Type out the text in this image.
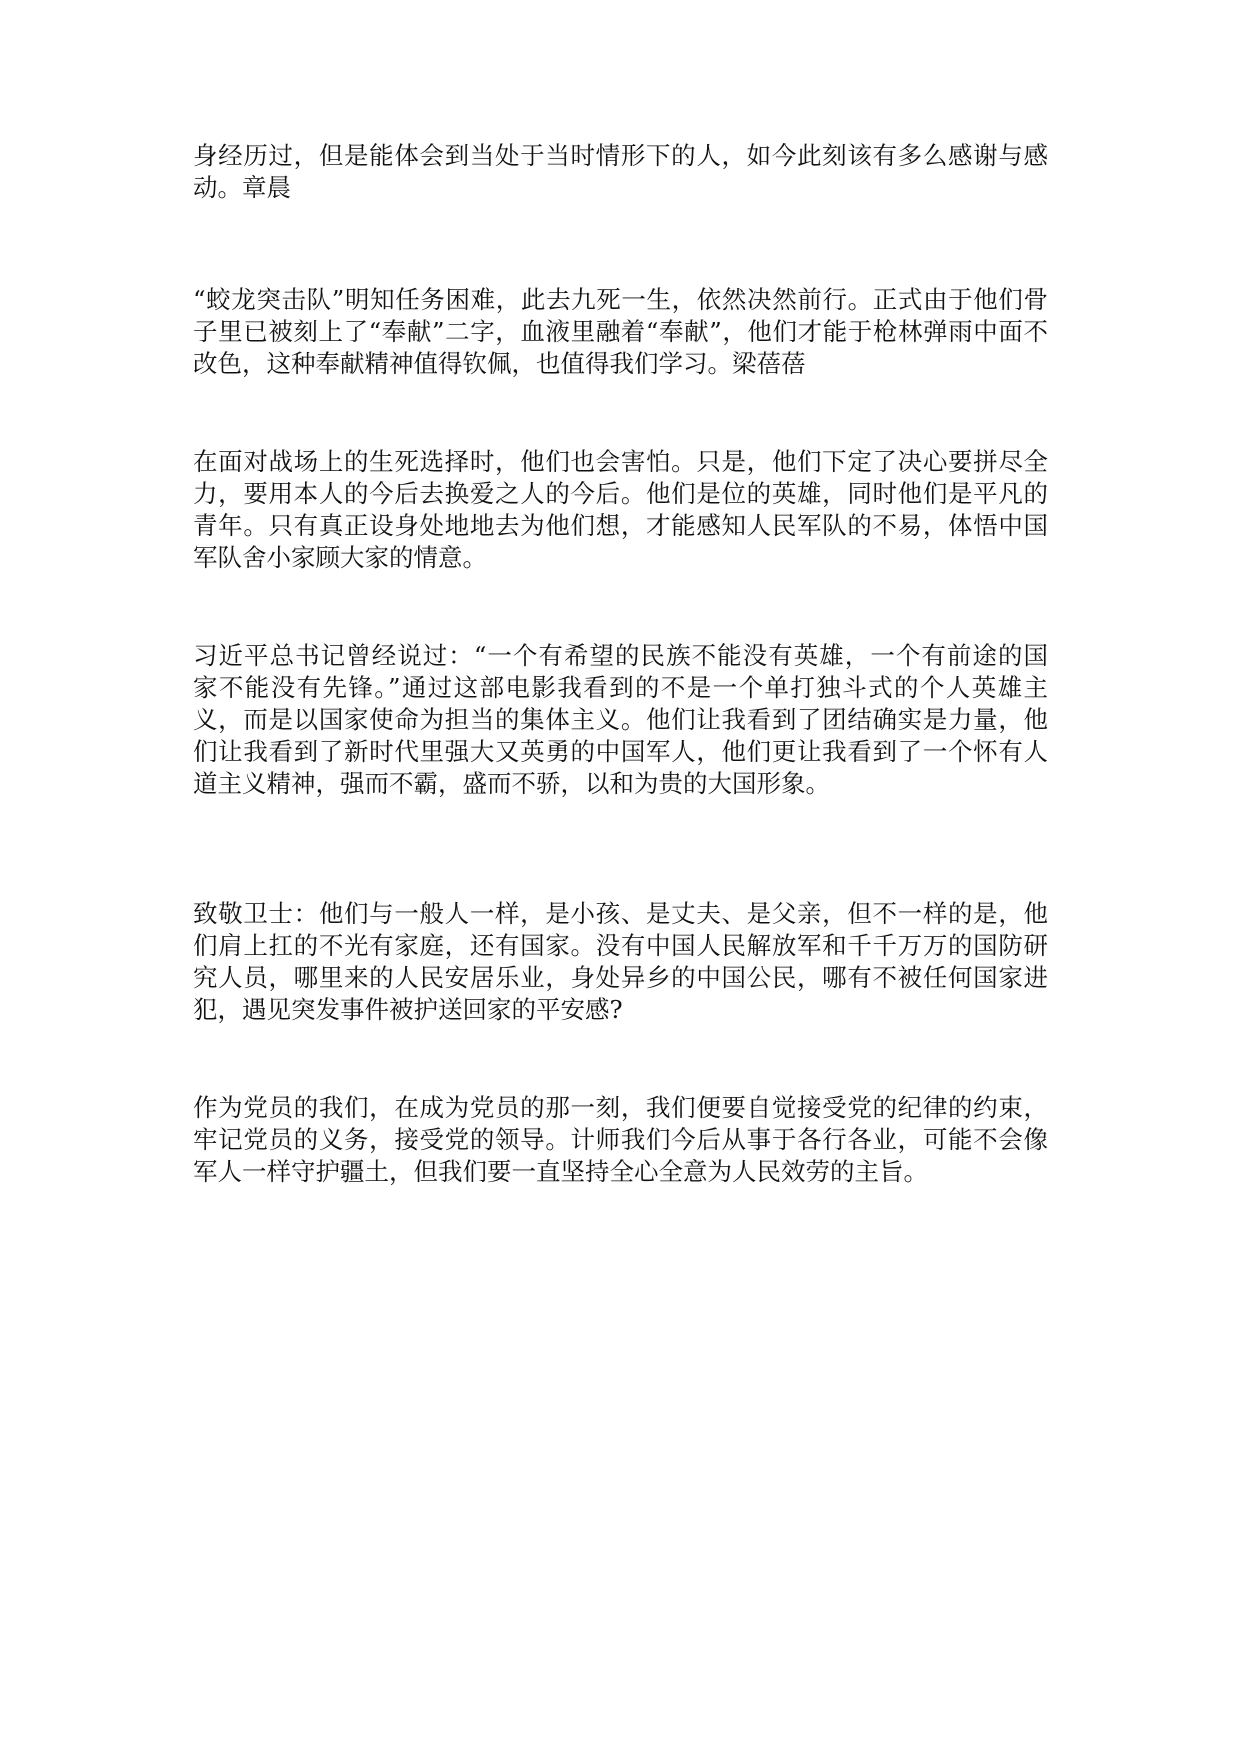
身经历过，但是能体会到当处于当时情形下的人，如今此刻该有多么感谢与感
动。章晨
“蛟龙突击队”明知任务困难，此去九死一生，依然决然前行。正式由于他们骨
子里已被刻上了“奉献”二字，血液里融着“奉献”，他们才能于枪林弹雨中面不
改色，这种奉献精神值得钦佩，也值得我们学习。梁蓓蓓
在面对战场上的生死选择时，他们也会害怕。只是，他们下定了决心要拼尽全
力，要用本人的今后去换爱之人的今后。他们是位的英雄，同时他们是平凡的
青年。只有真正设身处地地去为他们想，才能感知人民军队的不易，体悟中国
军队舍小家顾大家的情意。
习近平总书记曾经说过：“一个有希望的民族不能没有英雄，一个有前途的国
家不能没有先锋。”通过这部电影我看到的不是一个单打独斗式的个人英雄主
义，而是以国家使命为担当的集体主义。他们让我看到了团结确实是力量，他
们让我看到了新时代里强大又英勇的中国军人，他们更让我看到了一个怀有人
道主义精神，强而不霸，盛而不骄，以和为贵的大国形象。
致敬卫士：他们与一般人一样，是小孩、是丈夫、是父亲，但不一样的是，他
们肩上扛的不光有家庭，还有国家。没有中国人民解放军和千千万万的国防研
究人员，哪里来的人民安居乐业，身处异乡的中国公民，哪有不被任何国家进
犯，遇见突发事件被护送回家的平安感?
作为党员的我们，在成为党员的那一刻，我们便要自觉接受党的纪律的约束，
牢记党员的义务，接受党的领导。计师我们今后从事于各行各业，可能不会像
军人一样守护疆土，但我们要一直坚持全心全意为人民效劳的主旨。
